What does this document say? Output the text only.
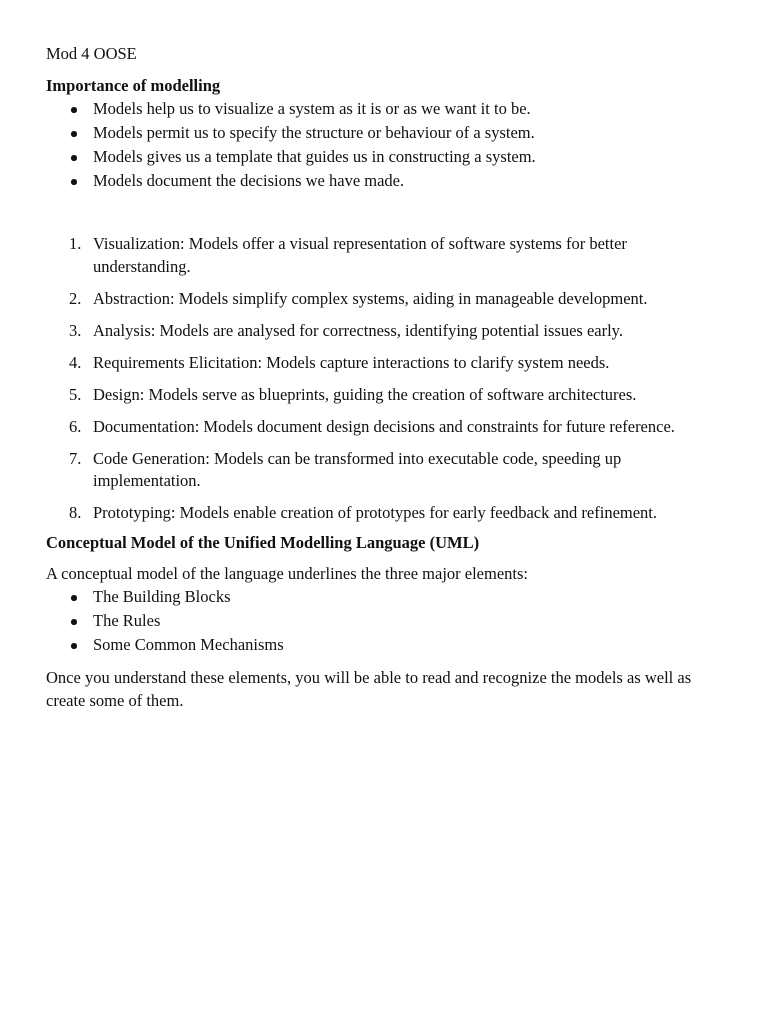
Mod 4 OOSE

Importance of modelling

Models help us to visualize a system as it is or as we want it to be.
Models permit us to specify the structure or behaviour of a system.
Models gives us a template that guides us in constructing a system.
Models document the decisions we have made.
1. Visualization: Models offer a visual representation of software systems for better understanding.
2. Abstraction: Models simplify complex systems, aiding in manageable development.
3. Analysis: Models are analysed for correctness, identifying potential issues early.
4. Requirements Elicitation: Models capture interactions to clarify system needs.
5. Design: Models serve as blueprints, guiding the creation of software architectures.
6. Documentation: Models document design decisions and constraints for future reference.
7. Code Generation: Models can be transformed into executable code, speeding up implementation.
8. Prototyping: Models enable creation of prototypes for early feedback and refinement.

Conceptual Model of the Unified Modelling Language (UML)

A conceptual model of the language underlines the three major elements:

The Building Blocks
The Rules
Some Common Mechanisms

Once you understand these elements, you will be able to read and recognize the models as well as create some of them.
